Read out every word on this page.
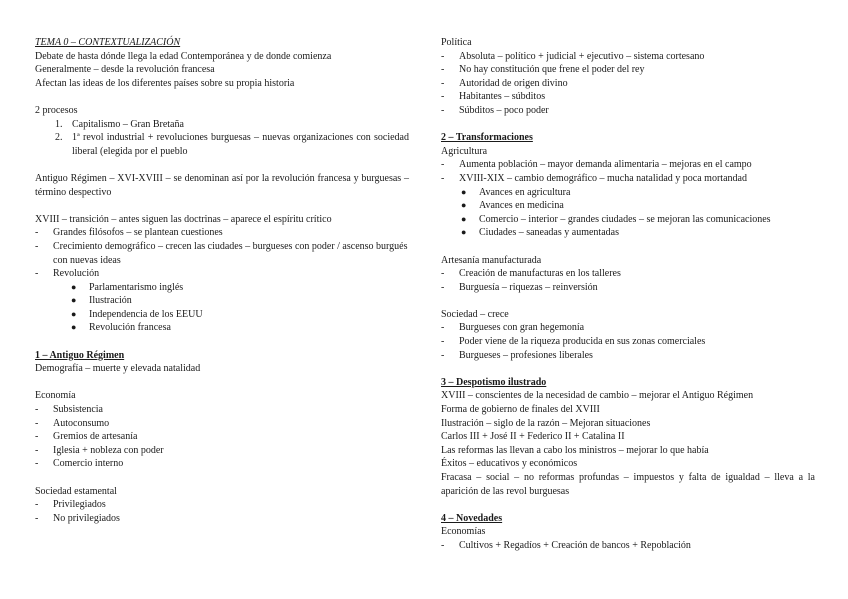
TEMA 0 – CONTEXTUALIZACIÓN
Debate de hasta dónde llega la edad Contemporánea y de donde comienza
Generalmente – desde la revolución francesa
Afectan las ideas de los diferentes países sobre su propia historia
2 procesos
1. Capitalismo – Gran Bretaña
2. 1ª revol industrial + revoluciones burguesas – nuevas organizaciones con sociedad liberal (elegida por el pueblo
Antiguo Régimen – XVI-XVIII – se denominan así por la revolución francesa y burguesas – término despectivo
XVIII – transición – antes siguen las doctrinas – aparece el espíritu crítico
-	Grandes filósofos – se plantean cuestiones
-	Crecimiento demográfico – crecen las ciudades – burgueses con poder / ascenso burgués con nuevas ideas
-	Revolución
●	Parlamentarismo inglés
●	Ilustración
●	Independencia de los EEUU
●	Revolución francesa
1 – Antiguo Régimen
Demografía – muerte y elevada natalidad
Economía
-	Subsistencia
-	Autoconsumo
-	Gremios de artesanía
-	Iglesia + nobleza con poder
-	Comercio interno
Sociedad estamental
-	Privilegiados
-	No privilegiados
Política
-	Absoluta – político + judicial + ejecutivo – sistema cortesano
-	No hay constitución que frene el poder del rey
-	Autoridad de origen divino
-	Habitantes – súbditos
-	Súbditos – poco poder
2 – Transformaciones
Agricultura
-	Aumenta población – mayor demanda alimentaria – mejoras en el campo
-	XVIII-XIX – cambio demográfico – mucha natalidad y poca mortandad
●	Avances en agricultura
●	Avances en medicina
●	Comercio – interior – grandes ciudades – se mejoran las comunicaciones
●	Ciudades – saneadas y aumentadas
Artesanía manufacturada
-	Creación de manufacturas en los talleres
-	Burguesía – riquezas – reinversión
Sociedad – crece
-	Burgueses con gran hegemonía
-	Poder viene de la riqueza producida en sus zonas comerciales
-	Burgueses – profesiones liberales
3 – Despotismo ilustrado
XVIII – conscientes de la necesidad de cambio – mejorar el Antiguo Régimen
Forma de gobierno de finales del XVIII
Ilustración – siglo de la razón – Mejoran situaciones
Carlos III + José II + Federico II + Catalina II
Las reformas las llevan a cabo los ministros – mejorar lo que había
Éxitos – educativos y económicos
Fracasa – social – no reformas profundas – impuestos y falta de igualdad – lleva a la aparición de las revol burguesas
4 – Novedades
Economías
-	Cultivos + Regadíos + Creación de bancos + Repoblación
